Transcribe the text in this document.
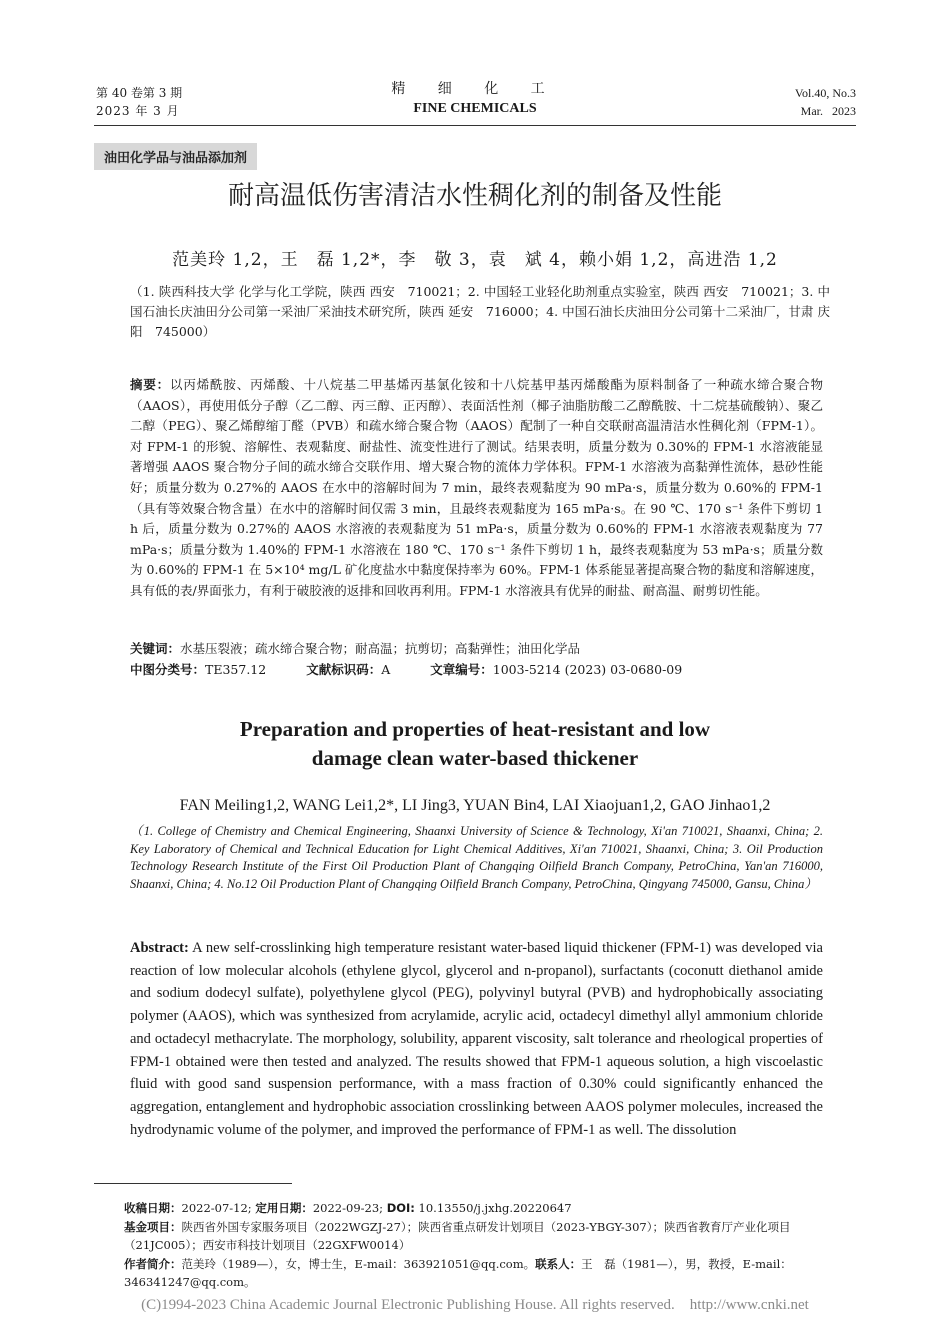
第 40 卷第 3 期
2023 年 3 月
精 细 化 工
FINE CHEMICALS
Vol.40, No.3
Mar.   2023
油田化学品与油品添加剂
耐高温低伤害清洁水性稠化剂的制备及性能
范美玲 1,2，王　磊 1,2*，李　敬 3，袁　斌 4，赖小娟 1,2，高进浩 1,2
（1. 陕西科技大学 化学与化工学院，陕西 西安　710021；2. 中国轻工业轻化助剂重点实验室，陕西 西安　710021；3. 中国石油长庆油田分公司第一采油厂采油技术研究所，陕西 延安　716000；4. 中国石油长庆油田分公司第十二采油厂，甘肃 庆阳　745000）
摘要：以丙烯酰胺、丙烯酸、十八烷基二甲基烯丙基氯化铵和十八烷基甲基丙烯酸酯为原料制备了一种疏水缔合聚合物（AAOS），再使用低分子醇（乙二醇、丙三醇、正丙醇）、表面活性剂（椰子油脂肪酸二乙醇酰胺、十二烷基硫酸钠）、聚乙二醇（PEG）、聚乙烯醇缩丁醛（PVB）和疏水缔合聚合物（AAOS）配制了一种自交联耐高温清洁水性稠化剂（FPM-1）。对 FPM-1 的形貌、溶解性、表观黏度、耐盐性、流变性进行了测试。结果表明，质量分数为 0.30%的 FPM-1 水溶液能显著增强 AAOS 聚合物分子间的疏水缔合交联作用、增大聚合物的流体力学体积。FPM-1 水溶液为高黏弹性流体，悬砂性能好；质量分数为 0.27%的 AAOS 在水中的溶解时间为 7 min，最终表观黏度为 90 mPa·s，质量分数为 0.60%的 FPM-1（具有等效聚合物含量）在水中的溶解时间仅需 3 min，且最终表观黏度为 165 mPa·s。在 90 ℃、170 s⁻¹ 条件下剪切 1 h 后，质量分数为 0.27%的 AAOS 水溶液的表观黏度为 51 mPa·s，质量分数为 0.60%的 FPM-1 水溶液表观黏度为 77 mPa·s；质量分数为 1.40%的 FPM-1 水溶液在 180 ℃、170 s⁻¹ 条件下剪切 1 h，最终表观黏度为 53 mPa·s；质量分数为 0.60%的 FPM-1 在 5×10⁴ mg/L 矿化度盐水中黏度保持率为 60%。FPM-1 体系能显著提高聚合物的黏度和溶解速度，具有低的表/界面张力，有利于破胶液的返排和回收再利用。FPM-1 水溶液具有优异的耐盐、耐高温、耐剪切性能。
关键词：水基压裂液；疏水缔合聚合物；耐高温；抗剪切；高黏弹性；油田化学品
中图分类号：TE357.12	文献标识码：A	文章编号：1003-5214 (2023) 03-0680-09
Preparation and properties of heat-resistant and low
damage clean water-based thickener
FAN Meiling1,2, WANG Lei1,2*, LI Jing3, YUAN Bin4, LAI Xiaojuan1,2, GAO Jinhao1,2
（1. College of Chemistry and Chemical Engineering, Shaanxi University of Science & Technology, Xi'an 710021, Shaanxi, China; 2. Key Laboratory of Chemical and Technical Education for Light Chemical Additives, Xi'an 710021, Shaanxi, China; 3. Oil Production Technology Research Institute of the First Oil Production Plant of Changqing Oilfield Branch Company, PetroChina, Yan'an 716000, Shaanxi, China; 4. No.12 Oil Production Plant of Changqing Oilfield Branch Company, PetroChina, Qingyang 745000, Gansu, China）
Abstract: A new self-crosslinking high temperature resistant water-based liquid thickener (FPM-1) was developed via reaction of low molecular alcohols (ethylene glycol, glycerol and n-propanol), surfactants (coconutt diethanol amide and sodium dodecyl sulfate), polyethylene glycol (PEG), polyvinyl butyral (PVB) and hydrophobically associating polymer (AAOS), which was synthesized from acrylamide, acrylic acid, octadecyl dimethyl allyl ammonium chloride and octadecyl methacrylate. The morphology, solubility, apparent viscosity, salt tolerance and rheological properties of FPM-1 obtained were then tested and analyzed. The results showed that FPM-1 aqueous solution, a high viscoelastic fluid with good sand suspension performance, with a mass fraction of 0.30% could significantly enhanced the aggregation, entanglement and hydrophobic association crosslinking between AAOS polymer molecules, increased the hydrodynamic volume of the polymer, and improved the performance of FPM-1 as well. The dissolution
收稿日期：2022-07-12; 定用日期：2022-09-23; DOI: 10.13550/j.jxhg.20220647
基金项目：陕西省外国专家服务项目（2022WGZJ-27）；陕西省重点研发计划项目（2023-YBGY-307）；陕西省教育厅产业化项目（21JC005）；西安市科技计划项目（22GXFW0014）
作者简介：范美玲（1989—），女，博士生，E-mail：363921051@qq.com。联系人：王　磊（1981—），男，教授，E-mail：346341247@qq.com。
(C)1994-2023 China Academic Journal Electronic Publishing House. All rights reserved.    http://www.cnki.net
